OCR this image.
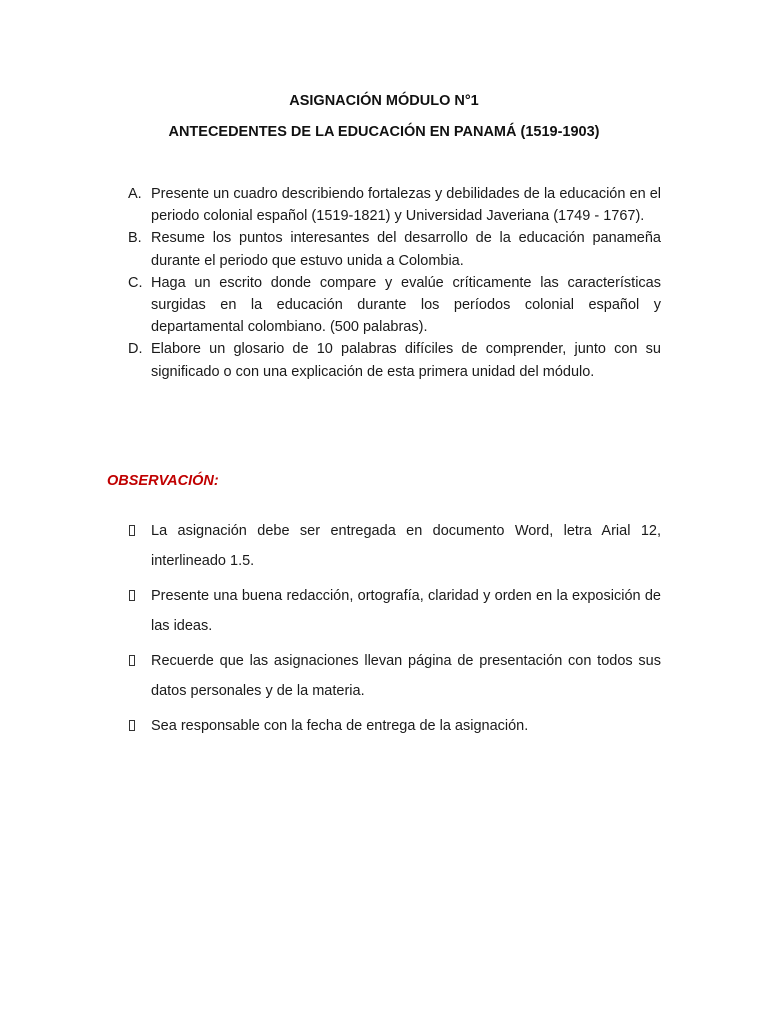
ASIGNACIÓN MÓDULO N°1
ANTECEDENTES DE LA EDUCACIÓN EN PANAMÁ (1519-1903)
A. Presente un cuadro describiendo fortalezas y debilidades de la educación en el periodo colonial español (1519-1821) y Universidad Javeriana (1749 - 1767).
B. Resume los puntos interesantes del desarrollo de la educación panameña durante el periodo que estuvo unida a Colombia.
C. Haga un escrito donde compare y evalúe críticamente las características surgidas en la educación durante los períodos colonial español y departamental colombiano. (500 palabras).
D. Elabore un glosario de 10 palabras difíciles de comprender, junto con su significado o con una explicación de esta primera unidad del módulo.
OBSERVACIÓN:
La asignación debe ser entregada en documento Word, letra Arial 12, interlineado 1.5.
Presente una buena redacción, ortografía, claridad y orden en la exposición de las ideas.
Recuerde que las asignaciones llevan página de presentación con todos sus datos personales y de la materia.
Sea responsable con la fecha de entrega de la asignación.
